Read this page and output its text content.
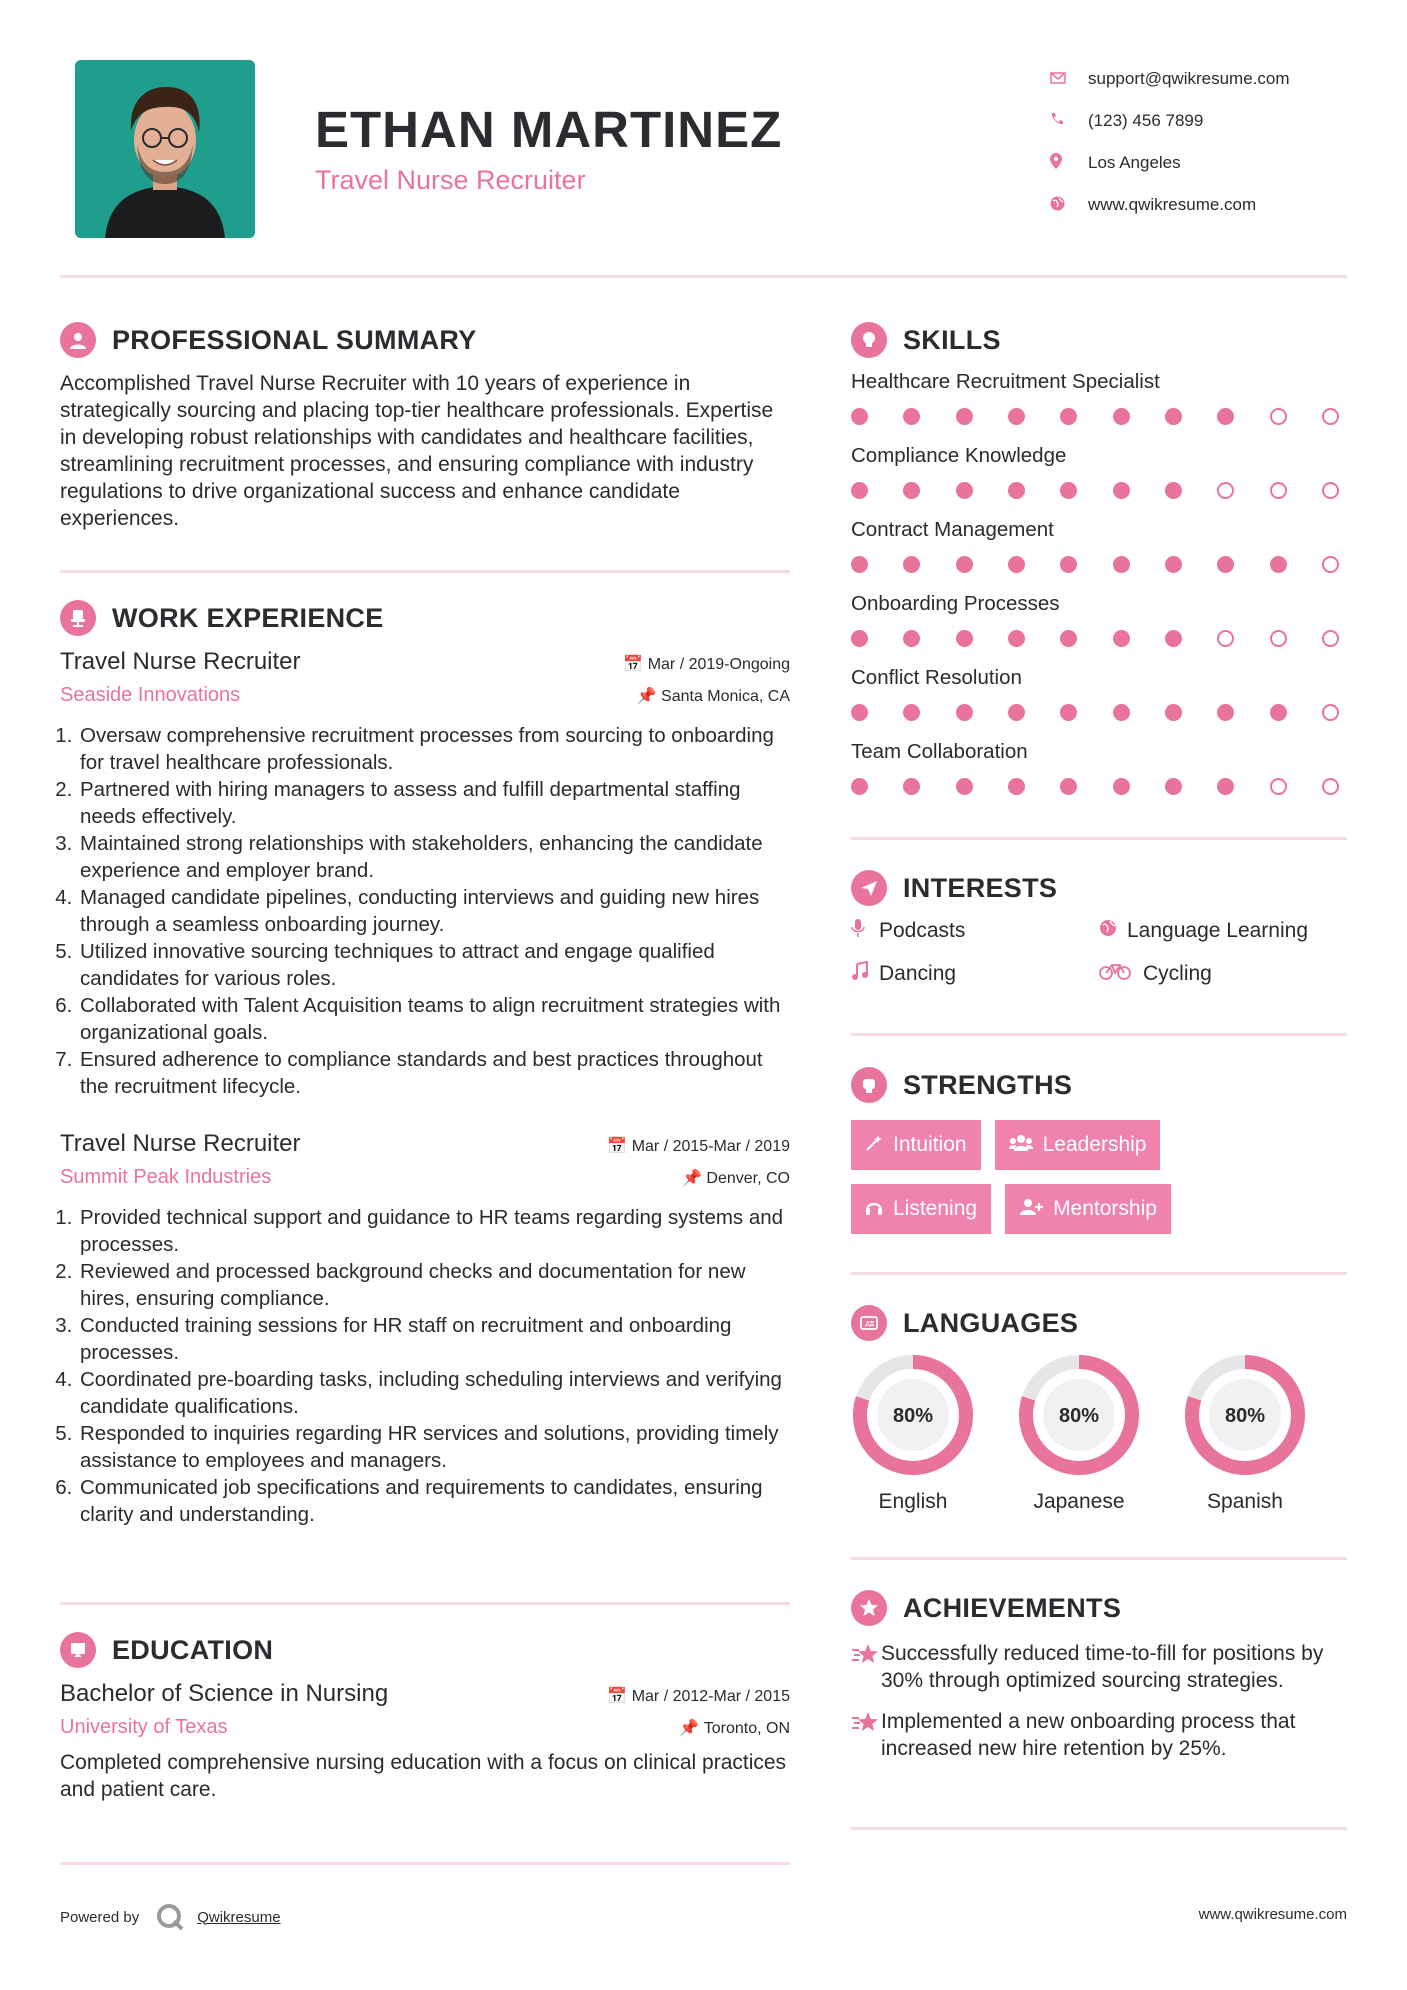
ETHAN MARTINEZ
Travel Nurse Recruiter
support@qwikresume.com
(123) 456 7899
Los Angeles
www.qwikresume.com
PROFESSIONAL SUMMARY
Accomplished Travel Nurse Recruiter with 10 years of experience in strategically sourcing and placing top-tier healthcare professionals. Expertise in developing robust relationships with candidates and healthcare facilities, streamlining recruitment processes, and ensuring compliance with industry regulations to drive organizational success and enhance candidate experiences.
WORK EXPERIENCE
Travel Nurse Recruiter	📅 Mar / 2019-Ongoing
Seaside Innovations	📌 Santa Monica, CA
1. Oversaw comprehensive recruitment processes from sourcing to onboarding for travel healthcare professionals.
2. Partnered with hiring managers to assess and fulfill departmental staffing needs effectively.
3. Maintained strong relationships with stakeholders, enhancing the candidate experience and employer brand.
4. Managed candidate pipelines, conducting interviews and guiding new hires through a seamless onboarding journey.
5. Utilized innovative sourcing techniques to attract and engage qualified candidates for various roles.
6. Collaborated with Talent Acquisition teams to align recruitment strategies with organizational goals.
7. Ensured adherence to compliance standards and best practices throughout the recruitment lifecycle.
Travel Nurse Recruiter	📅 Mar / 2015-Mar / 2019
Summit Peak Industries	📌 Denver, CO
1. Provided technical support and guidance to HR teams regarding systems and processes.
2. Reviewed and processed background checks and documentation for new hires, ensuring compliance.
3. Conducted training sessions for HR staff on recruitment and onboarding processes.
4. Coordinated pre-boarding tasks, including scheduling interviews and verifying candidate qualifications.
5. Responded to inquiries regarding HR services and solutions, providing timely assistance to employees and managers.
6. Communicated job specifications and requirements to candidates, ensuring clarity and understanding.
EDUCATION
Bachelor of Science in Nursing	📅 Mar / 2012-Mar / 2015
University of Texas	📌 Toronto, ON
Completed comprehensive nursing education with a focus on clinical practices and patient care.
SKILLS
Healthcare Recruitment Specialist
Compliance Knowledge
Contract Management
Onboarding Processes
Conflict Resolution
Team Collaboration
INTERESTS
Podcasts	Language Learning
Dancing	Cycling
STRENGTHS
Intuition	Leadership
Listening	Mentorship
A LANGUAGES
80%
English
80%
Japanese
80%
Spanish
ACHIEVEMENTS
Successfully reduced time-to-fill for positions by 30% through optimized sourcing strategies.
Implemented a new onboarding process that increased new hire retention by 25%.
Powered by	Qwikresume	www.qwikresume.com
